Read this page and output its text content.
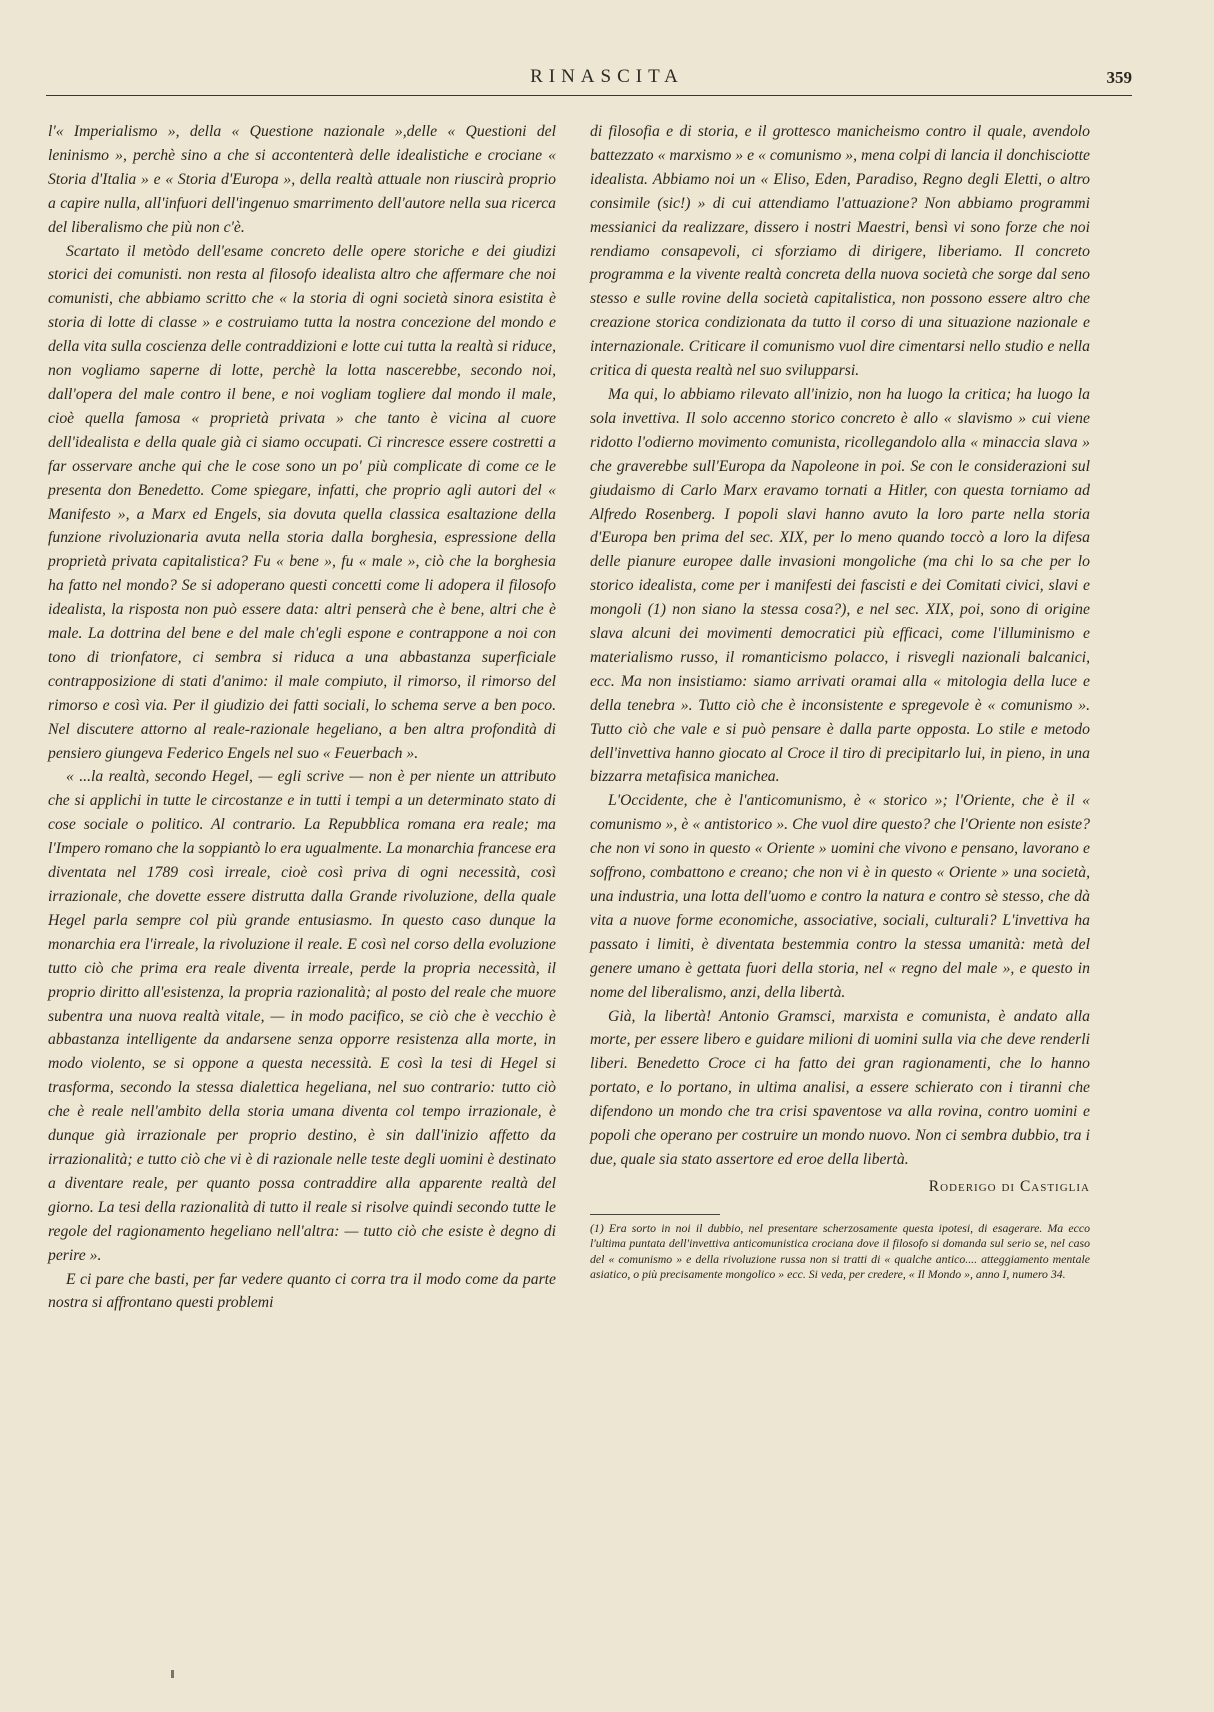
RINASCITA	359

l'« Imperialismo », della « Questione nazionale »,delle « Questioni del leninismo », perchè sino a che si accontenterà delle idealistiche e crociane « Storia d'Italia » e « Storia d'Europa », della realtà attuale non riuscirà proprio a capire nulla, all'infuori dell'ingenuo smarrimento dell'autore nella sua ricerca del liberalismo che più non c'è.

Scartato il metòdo dell'esame concreto delle opere storiche e dei giudizi storici dei comunisti. non resta al filosofo idealista altro che affermare che noi comunisti, che abbiamo scritto che « la storia di ogni società sinora esistita è storia di lotte di classe » e costruiamo tutta la nostra concezione del mondo e della vita sulla coscienza delle contraddizioni e lotte cui tutta la realtà si riduce, non vogliamo saperne di lotte, perchè la lotta nascerebbe, secondo noi, dall'opera del male contro il bene, e noi vogliam togliere dal mondo il male, cioè quella famosa « proprietà privata » che tanto è vicina al cuore dell'idealista e della quale già ci siamo occupati. Ci rincresce essere costretti a far osservare anche qui che le cose sono un po' più complicate di come ce le presenta don Benedetto. Come spiegare, infatti, che proprio agli autori del « Manifesto », a Marx ed Engels, sia dovuta quella classica esaltazione della funzione rivoluzionaria avuta nella storia dalla borghesia, espressione della proprietà privata capitalistica? Fu « bene », fu « male », ciò che la borghesia ha fatto nel mondo? Se si adoperano questi concetti come li adopera il filosofo idealista, la risposta non può essere data: altri penserà che è bene, altri che è male. La dottrina del bene e del male ch'egli espone e contrappone a noi con tono di trionfatore, ci sembra si riduca a una abbastanza superficiale contrapposizione di stati d'animo: il male compiuto, il rimorso, il rimorso del rimorso e così via. Per il giudizio dei fatti sociali, lo schema serve a ben poco. Nel discutere attorno al reale-razionale hegeliano, a ben altra profondità di pensiero giungeva Federico Engels nel suo « Feuerbach ».

« ...la realtà, secondo Hegel, — egli scrive — non è per niente un attributo che si applichi in tutte le circostanze e in tutti i tempi a un determinato stato di cose sociale o politico. Al contrario. La Repubblica romana era reale; ma l'Impero romano che la soppiantò lo era ugualmente. La monarchia francese era diventata nel 1789 così irreale, cioè così priva di ogni necessità, così irrazionale, che dovette essere distrutta dalla Grande rivoluzione, della quale Hegel parla sempre col più grande entusiasmo. In questo caso dunque la monarchia era l'irreale, la rivoluzione il reale. E così nel corso della evoluzione tutto ciò che prima era reale diventa irreale, perde la propria necessità, il proprio diritto all'esistenza, la propria razionalità; al posto del reale che muore subentra una nuova realtà vitale, — in modo pacifico, se ciò che è vecchio è abbastanza intelligente da andarsene senza opporre resistenza alla morte, in modo violento, se si oppone a questa necessità. E così la tesi di Hegel si trasforma, secondo la stessa dialettica hegeliana, nel suo contrario: tutto ciò che è reale nell'ambito della storia umana diventa col tempo irrazionale, è dunque già irrazionale per proprio destino, è sin dall'inizio affetto da irrazionalità; e tutto ciò che vi è di razionale nelle teste degli uomini è destinato a diventare reale, per quanto possa contraddire alla apparente realtà del giorno. La tesi della razionalità di tutto il reale si risolve quindi secondo tutte le regole del ragionamento hegeliano nell'altra: — tutto ciò che esiste è degno di perire ».

E ci pare che basti, per far vedere quanto ci corra tra il modo come da parte nostra si affrontano questi problemi

di filosofia e di storia, e il grottesco manicheismo contro il quale, avendolo battezzato « marxismo » e « comunismo », mena colpi di lancia il donchisciotte idealista. Abbiamo noi un « Eliso, Eden, Paradiso, Regno degli Eletti, o altro consimile (sic!) » di cui attendiamo l'attuazione? Non abbiamo programmi messianici da realizzare, dissero i nostri Maestri, bensì vi sono forze che noi rendiamo consapevoli, ci sforziamo di dirigere, liberiamo. Il concreto programma e la vivente realtà concreta della nuova società che sorge dal seno stesso e sulle rovine della società capitalistica, non possono essere altro che creazione storica condizionata da tutto il corso di una situazione nazionale e internazionale. Criticare il comunismo vuol dire cimentarsi nello studio e nella critica di questa realtà nel suo svilupparsi.

Ma qui, lo abbiamo rilevato all'inizio, non ha luogo la critica; ha luogo la sola invettiva. Il solo accenno storico concreto è allo « slavismo » cui viene ridotto l'odierno movimento comunista, ricollegandolo alla « minaccia slava » che graverebbe sull'Europa da Napoleone in poi. Se con le considerazioni sul giudaismo di Carlo Marx eravamo tornati a Hitler, con questa torniamo ad Alfredo Rosenberg. I popoli slavi hanno avuto la loro parte nella storia d'Europa ben prima del sec. XIX, per lo meno quando toccò a loro la difesa delle pianure europee dalle invasioni mongoliche (ma chi lo sa che per lo storico idealista, come per i manifesti dei fascisti e dei Comitati civici, slavi e mongoli (1) non siano la stessa cosa?), e nel sec. XIX, poi, sono di origine slava alcuni dei movimenti democratici più efficaci, come l'illuminismo e materialismo russo, il romanticismo polacco, i risvegli nazionali balcanici, ecc. Ma non insistiamo: siamo arrivati oramai alla « mitologia della luce e della tenebra ». Tutto ciò che è inconsistente e spregevole è « comunismo ». Tutto ciò che vale e si può pensare è dalla parte opposta. Lo stile e metodo dell'invettiva hanno giocato al Croce il tiro di precipitarlo lui, in pieno, in una bizzarra metafisica manichea.

L'Occidente, che è l'anticomunismo, è « storico »; l'Oriente, che è il « comunismo », è « antistorico ». Che vuol dire questo? che l'Oriente non esiste? che non vi sono in questo « Oriente » uomini che vivono e pensano, lavorano e soffrono, combattono e creano; che non vi è in questo « Oriente » una società, una industria, una lotta dell'uomo e contro la natura e contro sè stesso, che dà vita a nuove forme economiche, associative, sociali, culturali? L'invettiva ha passato i limiti, è diventata bestemmia contro la stessa umanità: metà del genere umano è gettata fuori della storia, nel « regno del male », e questo in nome del liberalismo, anzi, della libertà.

Già, la libertà! Antonio Gramsci, marxista e comunista, è andato alla morte, per essere libero e guidare milioni di uomini sulla via che deve renderli liberi. Benedetto Croce ci ha fatto dei gran ragionamenti, che lo hanno portato, e lo portano, in ultima analisi, a essere schierato con i tiranni che difendono un mondo che tra crisi spaventose va alla rovina, contro uomini e popoli che operano per costruire un mondo nuovo. Non ci sembra dubbio, tra i due, quale sia stato assertore ed eroe della libertà.

Roderigo di Castiglia
(1) Era sorto in noi il dubbio, nel presentare scherzosamente questa ipotesi, di esagerare. Ma ecco l'ultima puntata dell'invettiva anticomunistica crociana dove il filosofo si domanda sul serio se, nel caso del « comunismo » e della rivoluzione russa non si tratti di « qualche antico.... atteggiamento mentale asiatico, o più precisamente mongolico » ecc. Si veda, per credere, « Il Mondo », anno I, numero 34.
